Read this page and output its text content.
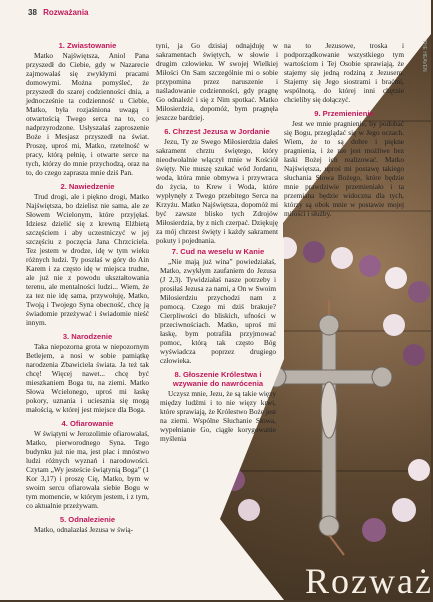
38 Rozważania
THE HEAVEN
1. Zwiastowanie

Matko Najświętsza, Aniol Pana przyszedł do Ciebie, gdy w Nazarecie zajmowałaś się zwykłymi pracami domowymi. Można pomyśleć, że przyszedł do szarej codzienności dnia, a jednocześnie ta codzienność u Ciebie, Matko, była rozjaśniona uwagą i otwartością Twego serca na to, co nadprzyrodzone. Usłyszałaś zaproszenie Boże i Mesjasz przyszedł na świat. Proszę, uproś mi, Matko, rzetelność w pracy, którą pełnię, i otwarte serce na tych, którzy do mnie przychodzą, oraz na to, do czego zaprasza mnie dziś Pan.

2. Nawiedzenie

Trud drogi, ale i piękno drogi, Matko Najświętsza, bo dzielisz nie sama, ale ze Słowem Wcielonym, które przyjęłaś. Idziesz dzielić się z krewną Elżbietą szczęściem i aby uczestniczyć w jej szczęściu z poczęcia Jana Chrzciciela. Tez jestem w drodze, idę w tym wieku różnych ludzi. Ty poszłaś w góry do Ain Karem i za często idę w miejsca trudne, ale już nie z powodu ukształtowania terenu, ale mentalności ludzi... Wiem, że za tez nie idę sama, przywołuję, Matko, Twoją i Twojego Syna obecność, chcę ją świadomie przeżywać i świadomie nieść innym.

3. Narodzenie

Taka niepozorna grota w niepozornym Betlejem, a nosi w sobie pamiątkę narodzenia Zbawiciela świata. Ja też tak chcę! Więcej nawet... chcę być mieszkaniem Boga tu, na ziemi. Matko Słowa Wcielonego, uproś mi łaskę pokory, uznania i uciesznia się mogą małością, w której jest miejsce dla Boga.

4. Ofiarowanie

W świątyni w Jerozolimie ofiarowałaś, Matko, pierworodnego Syna. Tego budynku już nie ma, jest plac i mnóstwo ludzi różnych wyznań i narodowości. Czytam „Wy jesteście świątynią Boga” (1 Kor 3,17) i proszę Cię, Matko, bym w swoim sercu ofiarowała siebie Bogu w tym momencie, w którym jestem, i z tym, co aktualnie przeżywam.

5. Odnalezienie

Matko, odnalazłaś Jezusa w świą-

tyni, ja Go dzisiaj odnajduję w sakramentach świętych, w słowie i drugim człowieku. W swojej Wielkiej Miłości On Sam szczególnie mi o sobie przypomina przez naruszenie i naśladowanie codzienności, gdy pragnę Go odnaleźć i się z Nim spotkać. Matko Miłosierdzia, dopomóż, bym pragnęła jeszcze bardziej.

6. Chrzest Jezusa w Jordanie

Jezu, Ty ze Swego Miłosierdzia dałeś sakrament chrztu świętego, który nieodwołalnie włączył mnie w Kościół święty. Nie muszę szukać wód Jordanu, woda, która mnie obmywa i przywraca do życia, to Krew i Woda, które wypłynęły z Twego przebitego Serca na Krzyżu. Matko Najświętsza, dopomóż mi być zawsze blisko tych Zdrojów Miłosierdzia, by z nich czerpać. Dziękuję za mój chrzest święty i każdy sakrament pokuty i pojednania.

na to Jezusowe, troska i podporządkowanie wszystkiego tym wartościom i Tej Osobie sprawiają, że stajemy się jedną rodziną z Jezusem. Stajemy się Jego siostrami i braćmi, wspólnotą, do której inni chętnie chcieliby się dołączyć.

9. Przemienienie

Jest we mnie pragnienie, by podobać się Bogu, przeglądać się w Jego oczach. Wiem, że to są dobre i piękne pragnienia, i że nie jest możliwe bez łaski Bożej ich realizować. Matko Najświętsza, uproś mi postawę takiego słuchania Słowa Bożego, które będzie mnie prawdziwie przemieniało i ta przemiana będzie widoczna dla tych, którzy są obok mnie w postawie mojej miłości i służby.

7. Cud na weselu w Kanie

„Nie mają już wina” powiedziałaś, Matko, zwykłym zaufaniem do Jezusa (J 2,3). Tywidziałaś nasze potrzeby i prosiłaś Jezusa za nami, a On w Swoim Miłosierdziu przychodzi nam z pomocą. Czego mi dziś brakuje? Cierpliwości do bliskich, ufności w przeciwnościach. Matko, uproś mi łaskę, bym potrafiła przyjmować pomoc, którą tak często Bóg wyświadcza poprzez drugiego człowieka.

8. Głoszenie Królestwa i wzywanie do nawrócenia

Uczysz mnie, Jezu, że są takie więzy między ludźmi i to nie więzy krwi, które sprawiają, że Królestwo Boże jest na ziemi. Wspólne Słuchanie Słowa, wypełnianie Go, ciągłe korygowanie myślenia

Rozważ
